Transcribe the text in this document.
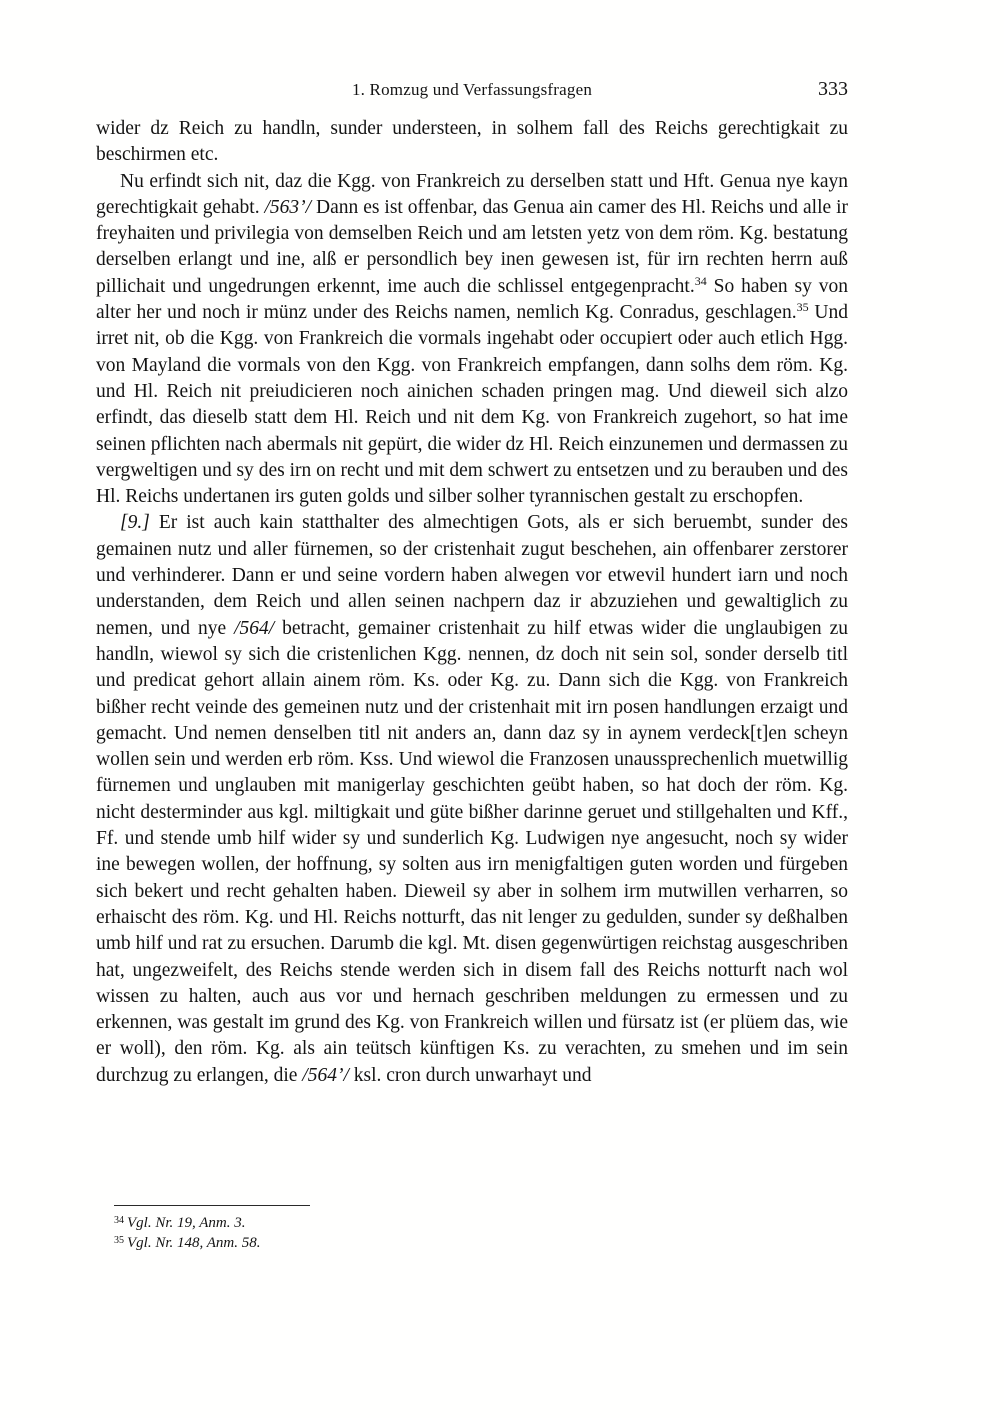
1. Romzug und Verfassungsfragen	333

wider dz Reich zu handln, sunder understeen, in solhem fall des Reichs gerechtigkait zu beschirmen etc.

Nu erfindt sich nit, daz die Kgg. von Frankreich zu derselben statt und Hft. Genua nye kayn gerechtigkait gehabt. /563’/ Dann es ist offenbar, das Genua ain camer des Hl. Reichs und alle ir freyhaiten und privilegia von demselben Reich und am letsten yetz von dem röm. Kg. bestatung derselben erlangt und ine, alß er persondlich bey inen gewesen ist, für irn rechten herrn auß pillichait und ungedrungen erkennt, ime auch die schlissel entgegenpracht.$^{34}$ So haben sy von alter her und noch ir münz under des Reichs namen, nemlich Kg. Conradus, geschlagen.$^{35}$ Und irret nit, ob die Kgg. von Frankreich die vormals ingehabt oder occupiert oder auch etlich Hgg. von Mayland die vormals von den Kgg. von Frankreich empfangen, dann solhs dem röm. Kg. und Hl. Reich nit preiudicieren noch ainichen schaden pringen mag. Und dieweil sich alzo erfindt, das dieselb statt dem Hl. Reich und nit dem Kg. von Frankreich zugehort, so hat ime seinen pflichten nach abermals nit gepürt, die wider dz Hl. Reich einzunemen und dermassen zu vergweltigen und sy des irn on recht und mit dem schwert zu entsetzen und zu berauben und des Hl. Reichs undertanen irs guten golds und silber solher tyrannischen gestalt zu erschopfen.

[9.] Er ist auch kain statthalter des almechtigen Gots, als er sich beruembt, sunder des gemainen nutz und aller fürnemen, so der cristenhait zugut beschehen, ain offenbarer zerstorer und verhinderer. Dann er und seine vordern haben alwegen vor etwevil hundert iarn und noch understanden, dem Reich und allen seinen nachpern daz ir abzuziehen und gewaltiglich zu nemen, und nye /564/ betracht, gemainer cristenhait zu hilf etwas wider die unglaubigen zu handln, wiewol sy sich die cristenlichen Kgg. nennen, dz doch nit sein sol, sonder derselb titl und predicat gehort allain ainem röm. Ks. oder Kg. zu. Dann sich die Kgg. von Frankreich bißher recht veinde des gemeinen nutz und der cristenhait mit irn posen handlungen erzaigt und gemacht. Und nemen denselben titl nit anders an, dann daz sy in aynem verdeck[t]en scheyn wollen sein und werden erb röm. Kss. Und wiewol die Franzosen unaussprechenlich muetwillig fürnemen und unglauben mit manigerlay geschichten geübt haben, so hat doch der röm. Kg. nicht desterminder aus kgl. miltigkait und güte bißher darinne geruet und stillgehalten und Kff., Ff. und stende umb hilf wider sy und sunderlich Kg. Ludwigen nye angesucht, noch sy wider ine bewegen wollen, der hoffnung, sy solten aus irn menigfaltigen guten worden und fürgeben sich bekert und recht gehalten haben. Dieweil sy aber in solhem irm mutwillen verharren, so erhaischt des röm. Kg. und Hl. Reichs notturft, das nit lenger zu gedulden, sunder sy deßhalben umb hilf und rat zu ersuchen. Darumb die kgl. Mt. disen gegenwürtigen reichstag ausgeschriben hat, ungezweifelt, des Reichs stende werden sich in disem fall des Reichs notturft nach wol wissen zu halten, auch aus vor und hernach geschriben meldungen zu ermessen und zu erkennen, was gestalt im grund des Kg. von Frankreich willen und fürsatz ist (er plüem das, wie er woll), den röm. Kg. als ain teütsch künftigen Ks. zu verachten, zu smehen und im sein durchzug zu erlangen, die /564’/ ksl. cron durch unwarhayt und

$^{34}$ Vgl. Nr. 19, Anm. 3.
$^{35}$ Vgl. Nr. 148, Anm. 58.
